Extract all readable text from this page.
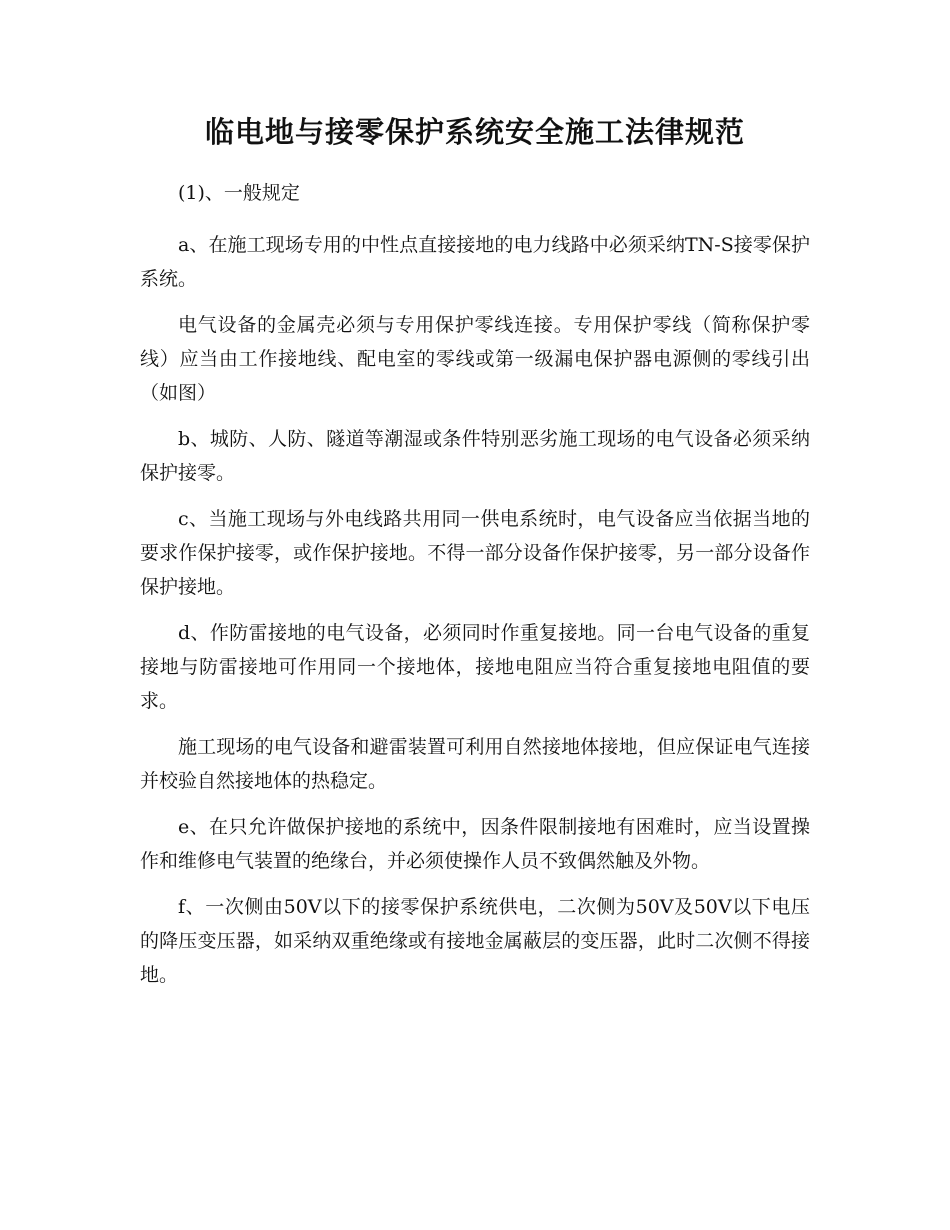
临电地与接零保护系统安全施工法律规范

(1)、一般规定

a、在施工现场专用的中性点直接接地的电力线路中必须采纳TN-S接零保护系统。

电气设备的金属壳必须与专用保护零线连接。专用保护零线（简称保护零线）应当由工作接地线、配电室的零线或第一级漏电保护器电源侧的零线引出（如图）

b、城防、人防、隧道等潮湿或条件特别恶劣施工现场的电气设备必须采纳保护接零。

c、当施工现场与外电线路共用同一供电系统时，电气设备应当依据当地的要求作保护接零，或作保护接地。不得一部分设备作保护接零，另一部分设备作保护接地。

d、作防雷接地的电气设备，必须同时作重复接地。同一台电气设备的重复接地与防雷接地可作用同一个接地体，接地电阻应当符合重复接地电阻值的要求。

施工现场的电气设备和避雷装置可利用自然接地体接地，但应保证电气连接并校验自然接地体的热稳定。

e、在只允许做保护接地的系统中，因条件限制接地有困难时，应当设置操作和维修电气装置的绝缘台，并必须使操作人员不致偶然触及外物。

f、一次侧由50V以下的接零保护系统供电，二次侧为50V及50V以下电压的降压变压器，如采纳双重绝缘或有接地金属蔽层的变压器，此时二次侧不得接地。
